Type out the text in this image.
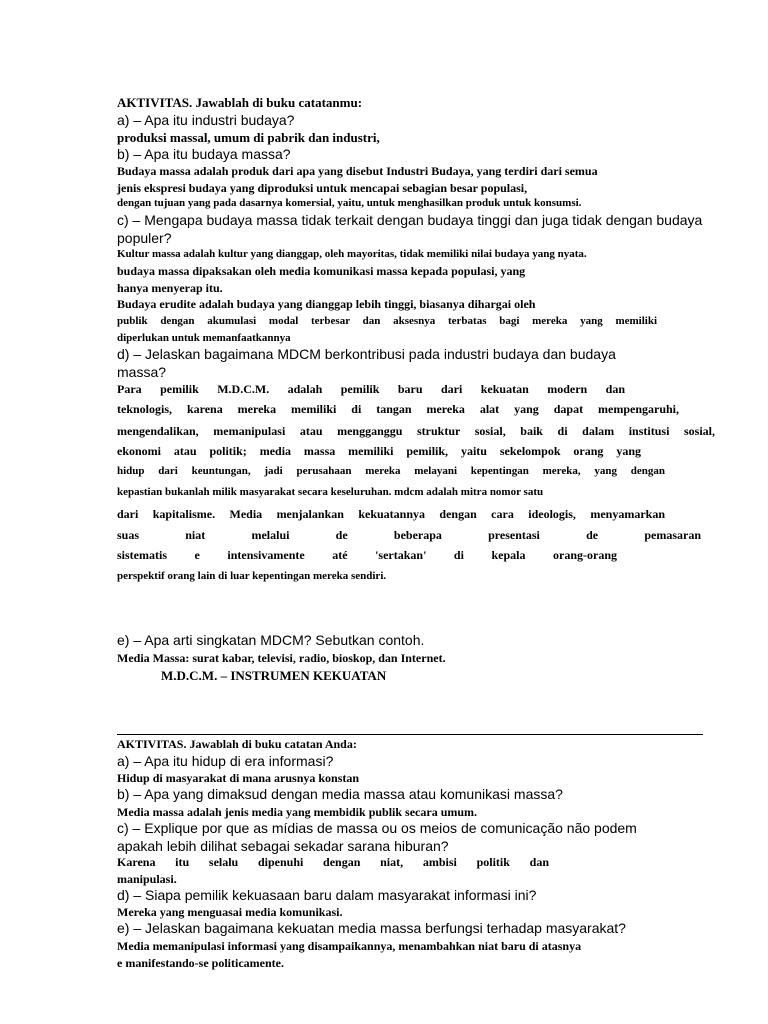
AKTIVITAS. Jawablah di buku catatanmu:

a) – Apa itu industri budaya?

produksi massal, umum di pabrik dan industri,

b) – Apa itu budaya massa?

Budaya massa adalah produk dari apa yang disebut Industri Budaya, yang terdiri dari semua

jenis ekspresi budaya yang diproduksi untuk mencapai sebagian besar populasi,

dengan tujuan yang pada dasarnya komersial, yaitu, untuk menghasilkan produk untuk konsumsi.

c) – Mengapa budaya massa tidak terkait dengan budaya tinggi dan juga tidak dengan budaya

populer?

Kultur massa adalah kultur yang dianggap, oleh mayoritas, tidak memiliki nilai budaya yang nyata.

budaya massa dipaksakan oleh media komunikasi massa kepada populasi, yang

hanya menyerap itu.

Budaya erudite adalah budaya yang dianggap lebih tinggi, biasanya dihargai oleh

publik dengan akumulasi modal terbesar dan aksesnya terbatas bagi mereka yang memiliki

diperlukan untuk memanfaatkannya

d) – Jelaskan bagaimana MDCM berkontribusi pada industri budaya dan budaya

massa?

Para pemilik M.D.C.M. adalah pemilik baru dari kekuatan modern dan

teknologis, karena mereka memiliki di tangan mereka alat yang dapat mempengaruhi,

mengendalikan, memanipulasi atau mengganggu struktur sosial, baik di dalam institusi sosial,

ekonomi atau politik; media massa memiliki pemilik, yaitu sekelompok orang yang

hidup dari keuntungan, jadi perusahaan mereka melayani kepentingan mereka, yang dengan

kepastian bukanlah milik masyarakat secara keseluruhan. mdcm adalah mitra nomor satu

dari kapitalisme. Media menjalankan kekuatannya dengan cara ideologis, menyamarkan

suas niat melalui de beberapa presentasi de pemasaran

sistematis e intensivamente até 'sertakan' di kepala orang-orang

perspektif orang lain di luar kepentingan mereka sendiri.

e) – Apa arti singkatan MDCM? Sebutkan contoh.

Media Massa: surat kabar, televisi, radio, bioskop, dan Internet.

M.D.C.M. – INSTRUMEN KEKUATAN

AKTIVITAS. Jawablah di buku catatan Anda:

a) – Apa itu hidup di era informasi?

Hidup di masyarakat di mana arusnya konstan

b) – Apa yang dimaksud dengan media massa atau komunikasi massa?

Media massa adalah jenis media yang membidik publik secara umum.

c) – Explique por que as mídias de massa ou os meios de comunicação não podem

apakah lebih dilihat sebagai sekadar sarana hiburan?

Karena itu selalu dipenuhi dengan niat, ambisi politik dan

manipulasi.

d) – Siapa pemilik kekuasaan baru dalam masyarakat informasi ini?

Mereka yang menguasai media komunikasi.

e) – Jelaskan bagaimana kekuatan media massa berfungsi terhadap masyarakat?

Media memanipulasi informasi yang disampaikannya, menambahkan niat baru di atasnya

e manifestando-se politicamente.
